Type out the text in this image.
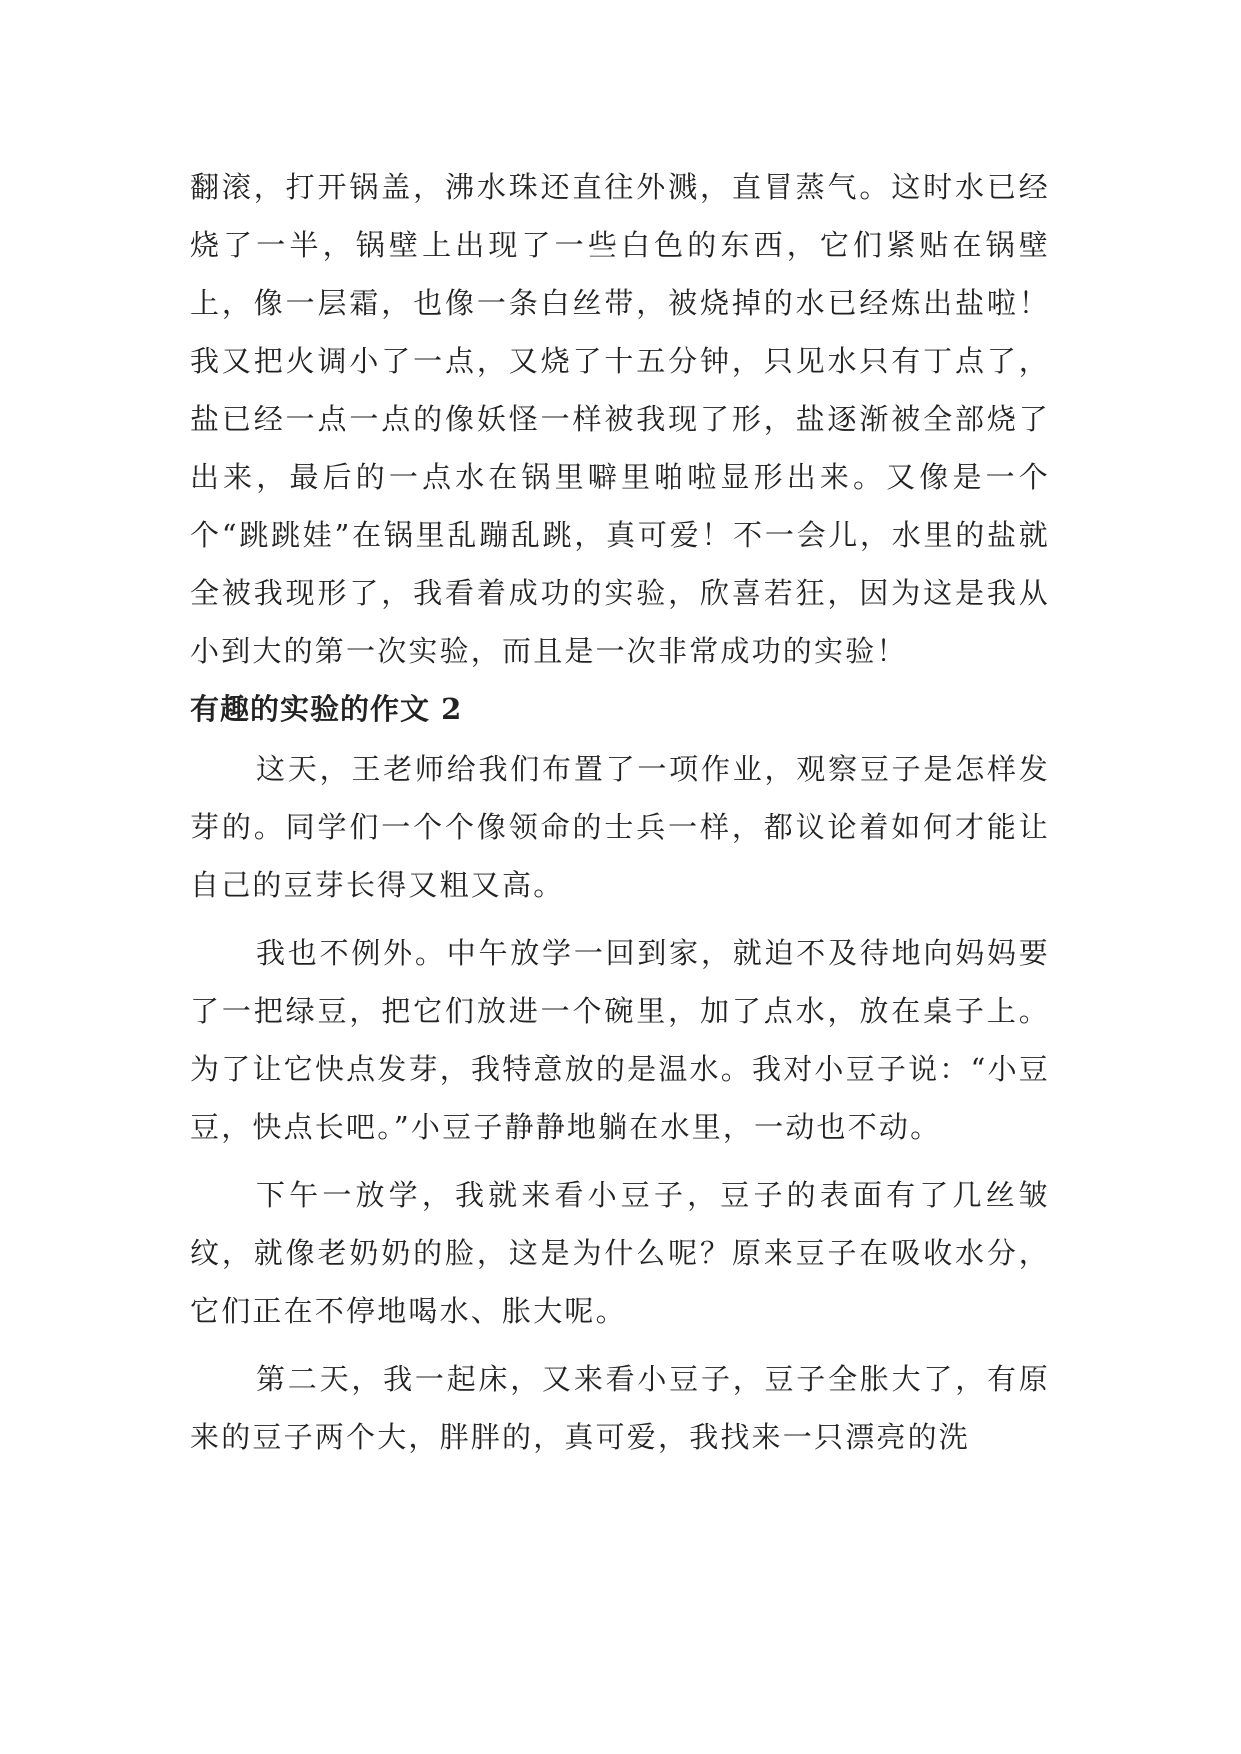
翻滚，打开锅盖，沸水珠还直往外溅，直冒蒸气。这时水已经烧了一半，锅壁上出现了一些白色的东西，它们紧贴在锅壁上，像一层霜，也像一条白丝带，被烧掉的水已经炼出盐啦！我又把火调小了一点，又烧了十五分钟，只见水只有丁点了，盐已经一点一点的像妖怪一样被我现了形，盐逐渐被全部烧了出来，最后的一点水在锅里噼里啪啦显形出来。又像是一个个“跳跳娃”在锅里乱蹦乱跳，真可爱！不一会儿，水里的盐就全被我现形了，我看着成功的实验，欣喜若狂，因为这是我从小到大的第一次实验，而且是一次非常成功的实验！

有趣的实验的作文 2

这天，王老师给我们布置了一项作业，观察豆子是怎样发芽的。同学们一个个像领命的士兵一样，都议论着如何才能让自己的豆芽长得又粗又高。

我也不例外。中午放学一回到家，就迫不及待地向妈妈要了一把绿豆，把它们放进一个碗里，加了点水，放在桌子上。为了让它快点发芽，我特意放的是温水。我对小豆子说：“小豆豆，快点长吧。”小豆子静静地躺在水里，一动也不动。

下午一放学，我就来看小豆子，豆子的表面有了几丝皱纹，就像老奶奶的脸，这是为什么呢？原来豆子在吸收水分，它们正在不停地喝水、胀大呢。

第二天，我一起床，又来看小豆子，豆子全胀大了，有原来的豆子两个大，胖胖的，真可爱，我找来一只漂亮的洗
